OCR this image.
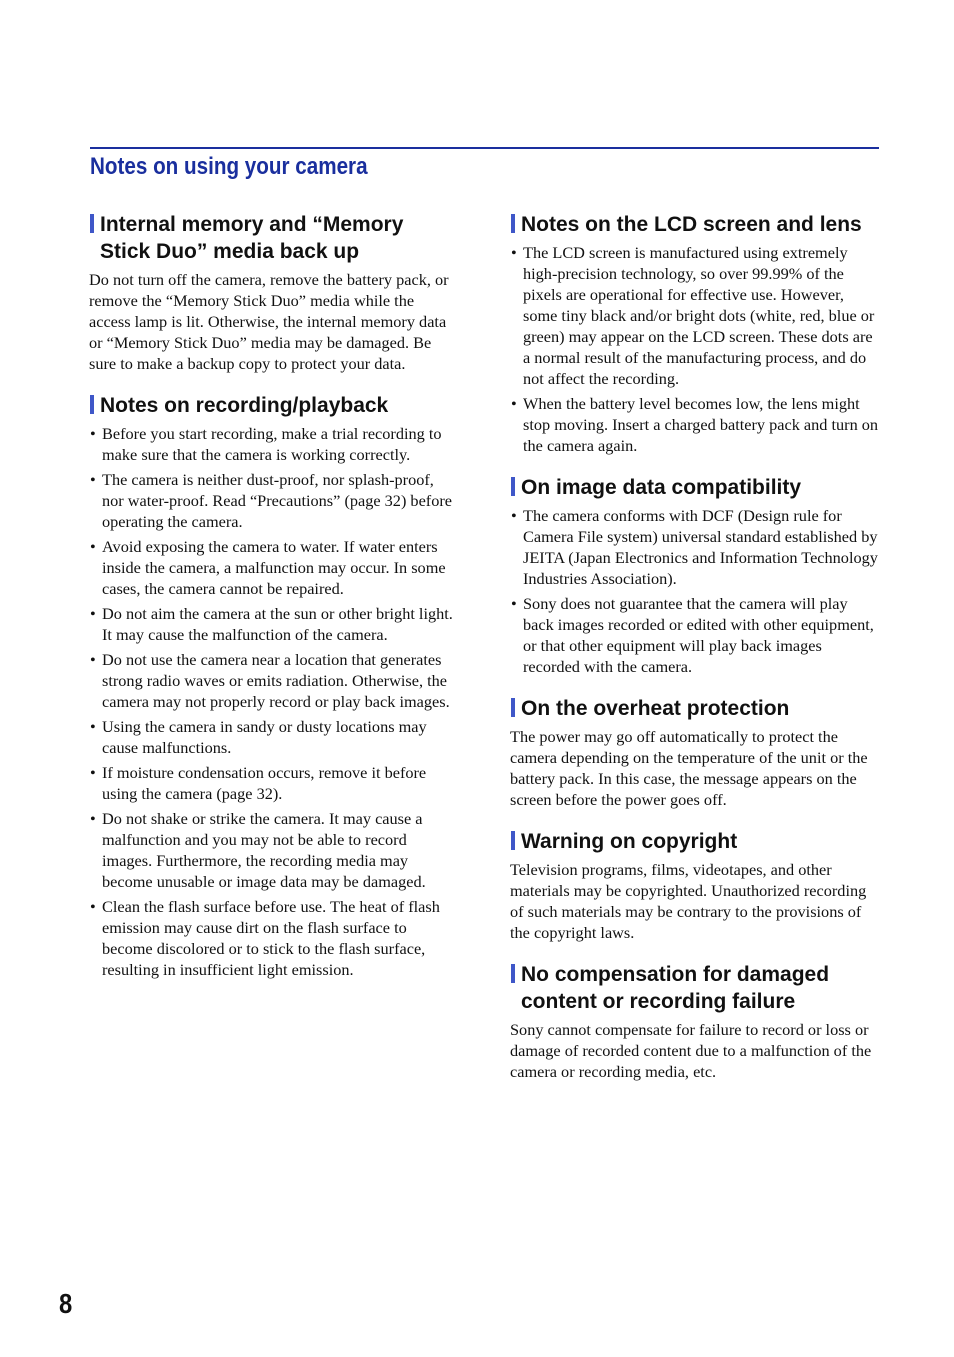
Notes on using your camera
Internal memory and “Memory Stick Duo” media back up

Do not turn off the camera, remove the battery pack, or remove the “Memory Stick Duo” media while the access lamp is lit. Otherwise, the internal memory data or “Memory Stick Duo” media may be damaged. Be sure to make a backup copy to protect your data.

Notes on recording/playback
• Before you start recording, make a trial recording to make sure that the camera is working correctly.
• The camera is neither dust-proof, nor splash-proof, nor water-proof. Read “Precautions” (page 32) before operating the camera.
• Avoid exposing the camera to water. If water enters inside the camera, a malfunction may occur. In some cases, the camera cannot be repaired.
• Do not aim the camera at the sun or other bright light. It may cause the malfunction of the camera.
• Do not use the camera near a location that generates strong radio waves or emits radiation. Otherwise, the camera may not properly record or play back images.
• Using the camera in sandy or dusty locations may cause malfunctions.
• If moisture condensation occurs, remove it before using the camera (page 32).
• Do not shake or strike the camera. It may cause a malfunction and you may not be able to record images. Furthermore, the recording media may become unusable or image data may be damaged.
• Clean the flash surface before use. The heat of flash emission may cause dirt on the flash surface to become discolored or to stick to the flash surface, resulting in insufficient light emission.
Notes on the LCD screen and lens
• The LCD screen is manufactured using extremely high-precision technology, so over 99.99% of the pixels are operational for effective use. However, some tiny black and/or bright dots (white, red, blue or green) may appear on the LCD screen. These dots are a normal result of the manufacturing process, and do not affect the recording.
• When the battery level becomes low, the lens might stop moving. Insert a charged battery pack and turn on the camera again.
On image data compatibility
• The camera conforms with DCF (Design rule for Camera File system) universal standard established by JEITA (Japan Electronics and Information Technology Industries Association).
• Sony does not guarantee that the camera will play back images recorded or edited with other equipment, or that other equipment will play back images recorded with the camera.
On the overheat protection

The power may go off automatically to protect the camera depending on the temperature of the unit or the battery pack. In this case, the message appears on the screen before the power goes off.

Warning on copyright

Television programs, films, videotapes, and other materials may be copyrighted. Unauthorized recording of such materials may be contrary to the provisions of the copyright laws.

No compensation for damaged content or recording failure

Sony cannot compensate for failure to record or loss or damage of recorded content due to a malfunction of the camera or recording media, etc.

8
